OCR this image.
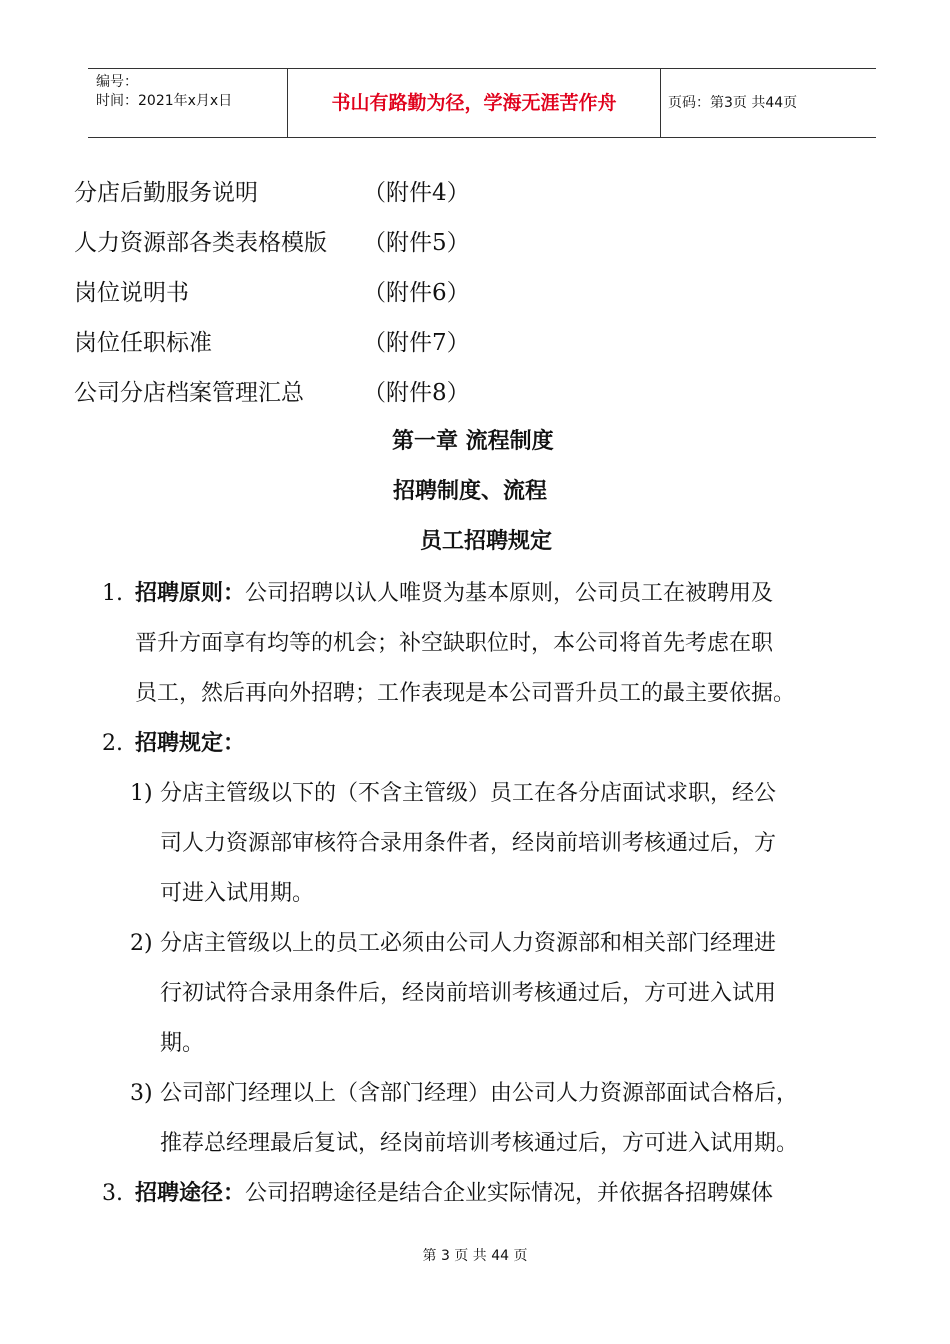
编号：
时间：2021年x月x日	书山有路勤为径，学海无涯苦作舟	页码：第3页 共44页
分店后勤服务说明	（附件4）
人力资源部各类表格模版 （附件5）
岗位说明书	（附件6）
岗位任职标准	（附件7）
公司分店档案管理汇总	（附件8）
第一章 流程制度
招聘制度、流程
员工招聘规定
1. 招聘原则：公司招聘以认人唯贤为基本原则，公司员工在被聘用及
晋升方面享有均等的机会；补空缺职位时，本公司将首先考虑在职
员工，然后再向外招聘；工作表现是本公司晋升员工的最主要依据。
2. 招聘规定：
1) 分店主管级以下的（不含主管级）员工在各分店面试求职，经公
司人力资源部审核符合录用条件者，经岗前培训考核通过后，方
可进入试用期。
2) 分店主管级以上的员工必须由公司人力资源部和相关部门经理进
行初试符合录用条件后，经岗前培训考核通过后，方可进入试用
期。
3) 公司部门经理以上（含部门经理）由公司人力资源部面试合格后，
推荐总经理最后复试，经岗前培训考核通过后，方可进入试用期。
3. 招聘途径：公司招聘途径是结合企业实际情况，并依据各招聘媒体
第 3 页 共 44 页
